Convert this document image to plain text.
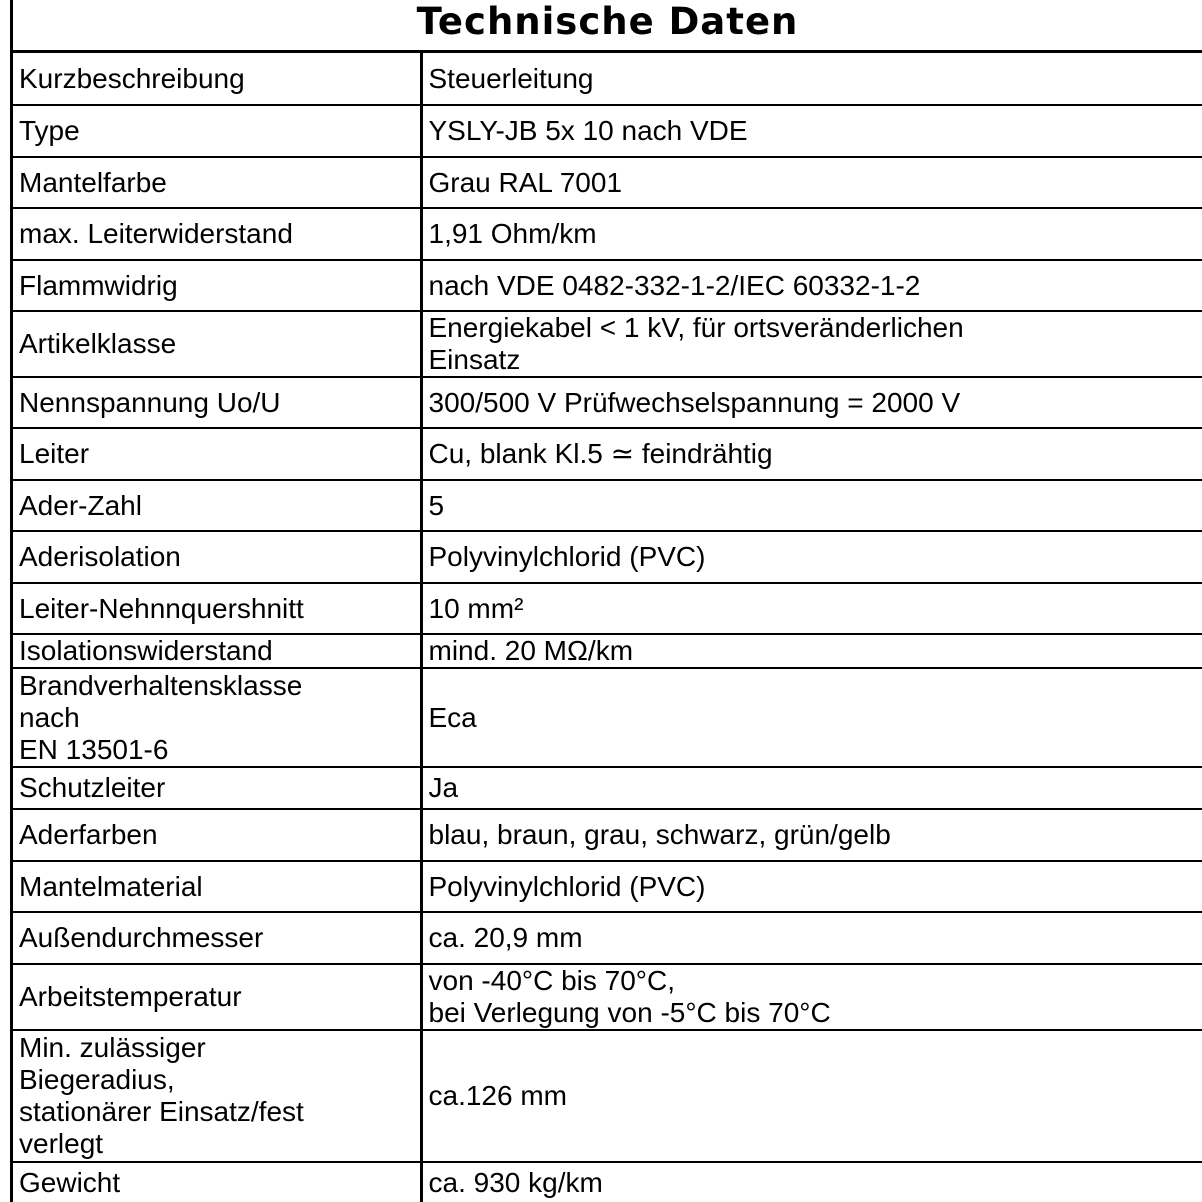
Technische Daten
Kurzbeschreibung	Steuerleitung
Type	YSLY-JB 5x 10 nach VDE
Mantelfarbe	Grau RAL 7001
max. Leiterwiderstand	1,91 Ohm/km
Flammwidrig	nach VDE 0482-332-1-2/IEC 60332-1-2
Artikelklasse	Energiekabel < 1 kV, für ortsveränderlichen
Einsatz
Nennspannung Uo/U	300/500 V Prüfwechselspannung = 2000 V
Leiter	Cu, blank Kl.5 ≃ feindrähtig
Ader-Zahl	5
Aderisolation	Polyvinylchlorid (PVC)
Leiter-Nehnnquershnitt	10 mm²
Isolationswiderstand	mind. 20 MΩ/km
Brandverhaltensklasse
nach
EN 13501-6	Eca
Schutzleiter	Ja
Aderfarben	blau, braun, grau, schwarz, grün/gelb
Mantelmaterial	Polyvinylchlorid (PVC)
Außendurchmesser	ca. 20,9 mm
Arbeitstemperatur	von -40°C bis 70°C,
bei Verlegung von -5°C bis 70°C
Min. zulässiger
Biegeradius,
stationärer Einsatz/fest
verlegt	ca.126 mm
Gewicht	ca. 930 kg/km
